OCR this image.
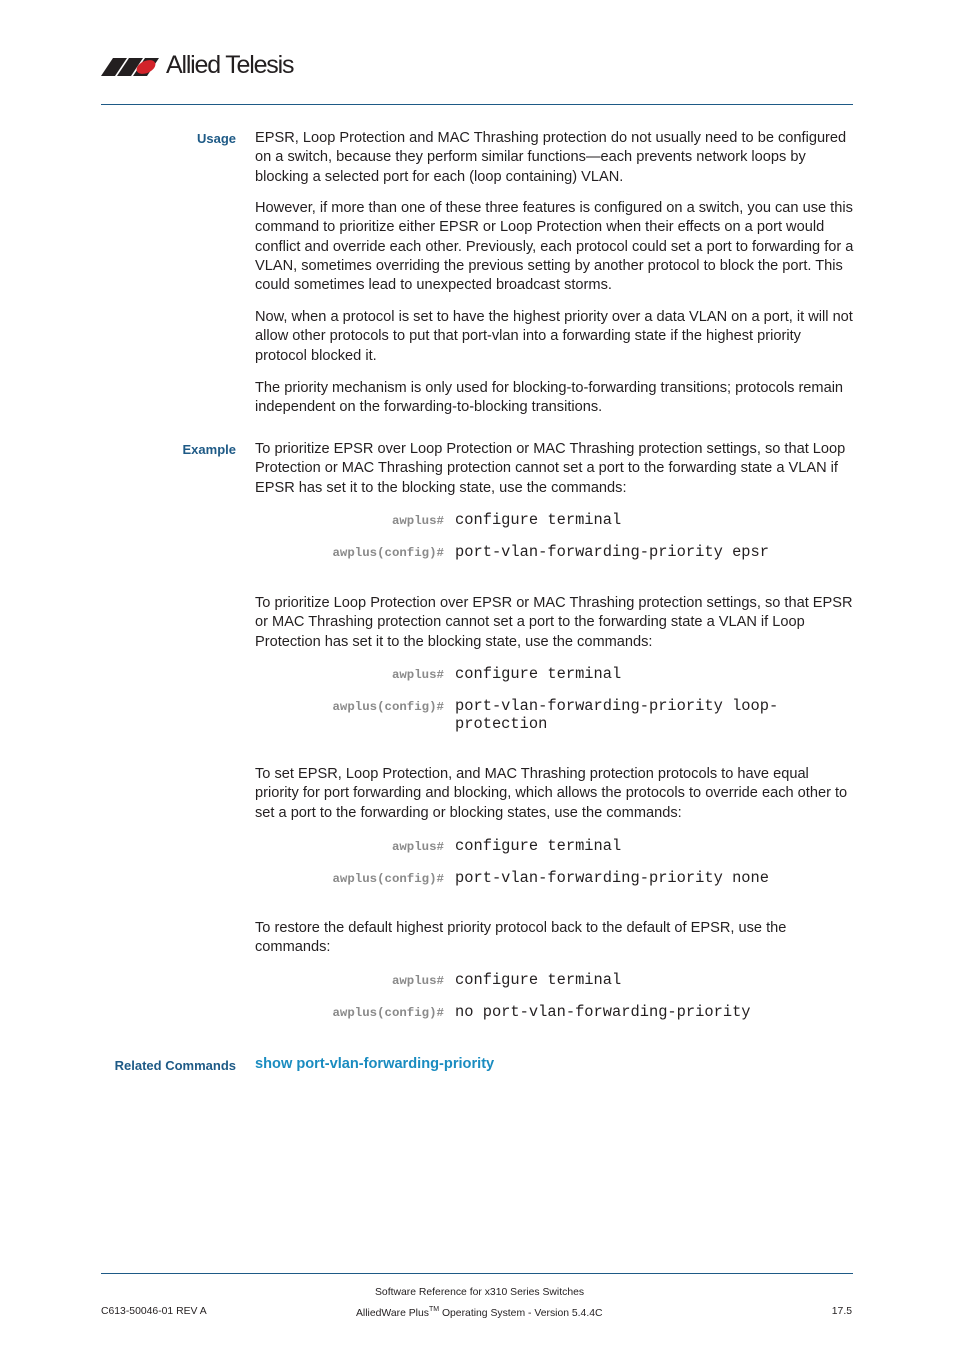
Allied Telesis
Usage EPSR, Loop Protection and MAC Thrashing protection do not usually need to be configured on a switch, because they perform similar functions—each prevents network loops by blocking a selected port for each (loop containing) VLAN.

However, if more than one of these three features is configured on a switch, you can use this command to prioritize either EPSR or Loop Protection when their effects on a port would conflict and override each other. Previously, each protocol could set a port to forwarding for a VLAN, sometimes overriding the previous setting by another protocol to block the port. This could sometimes lead to unexpected broadcast storms.

Now, when a protocol is set to have the highest priority over a data VLAN on a port, it will not allow other protocols to put that port-vlan into a forwarding state if the highest priority protocol blocked it.

The priority mechanism is only used for blocking-to-forwarding transitions; protocols remain independent on the forwarding-to-blocking transitions.

Example To prioritize EPSR over Loop Protection or MAC Thrashing protection settings, so that Loop Protection or MAC Thrashing protection cannot set a port to the forwarding state a VLAN if EPSR has set it to the blocking state, use the commands:

awplus# configure terminal
awplus(config)# port-vlan-forwarding-priority epsr

To prioritize Loop Protection over EPSR or MAC Thrashing protection settings, so that EPSR or MAC Thrashing protection cannot set a port to the forwarding state a VLAN if Loop Protection has set it to the blocking state, use the commands:

awplus# configure terminal
awplus(config)# port-vlan-forwarding-priority loop-
protection

To set EPSR, Loop Protection, and MAC Thrashing protection protocols to have equal priority for port forwarding and blocking, which allows the protocols to override each other to set a port to the forwarding or blocking states, use the commands:

awplus# configure terminal
awplus(config)# port-vlan-forwarding-priority none

To restore the default highest priority protocol back to the default of EPSR, use the commands:

awplus# configure terminal
awplus(config)# no port-vlan-forwarding-priority
Related Commands show port-vlan-forwarding-priority
Software Reference for x310 Series Switches
C613-50046-01 REV A	AlliedWare Plus™ Operating System - Version 5.4.4C	17.5
